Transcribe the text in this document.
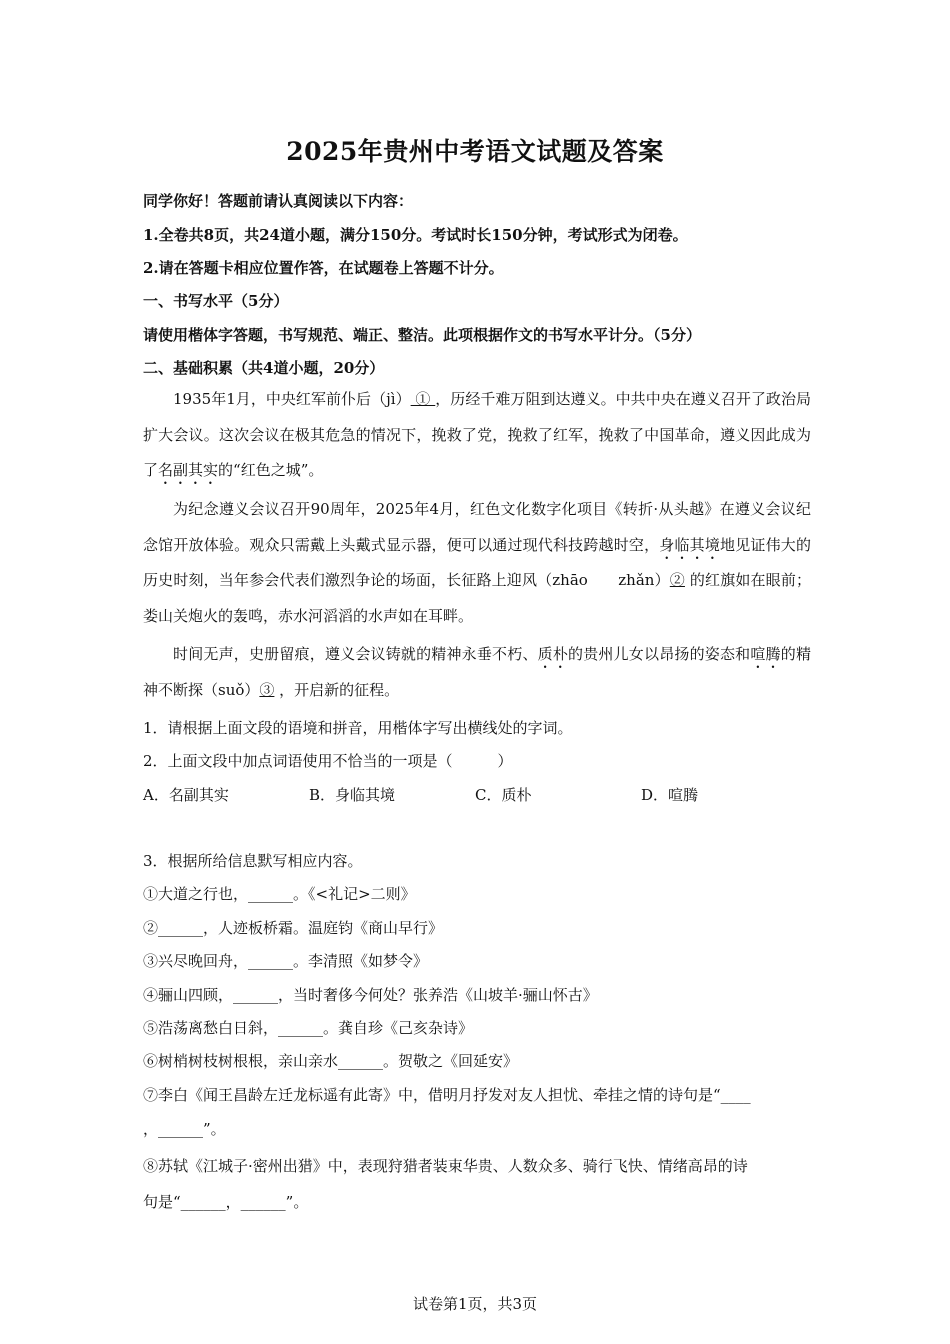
2025年贵州中考语文试题及答案
同学你好！答题前请认真阅读以下内容：
1.全卷共8页，共24道小题，满分150分。考试时长150分钟，考试形式为闭卷。
2.请在答题卡相应位置作答，在试题卷上答题不计分。
一、书写水平（5分）
请使用楷体字答题，书写规范、端正、整洁。此项根据作文的书写水平计分。（5分）
二、基础积累（共4道小题，20分）
1935年1月，中央红军前仆后（jì） ① ，历经千难万阻到达遵义。中共中央在遵义召开了政治局扩大会议。这次会议在极其危急的情况下，挽救了党，挽救了红军，挽救了中国革命，遵义因此成为了名副其实的“红色之城”。
为纪念遵义会议召开90周年，2025年4月，红色文化数字化项目《转折·从头越》在遵义会议纪念馆开放体验。观众只需戴上头戴式显示器，便可以通过现代科技跨越时空，身临其境地见证伟大的历史时刻，当年参会代表们激烈争论的场面，长征路上迎风（zhāo　　zhǎn）② 的红旗如在眼前；娄山关炮火的轰鸣，赤水河滔滔的水声如在耳畔。
时间无声，史册留痕，遵义会议铸就的精神永垂不朽、质朴的贵州儿女以昂扬的姿态和喧腾的精神不断探（suǒ）③ ，开启新的征程。
1．请根据上面文段的语境和拼音，用楷体字写出横线处的字词。
2．上面文段中加点词语使用不恰当的一项是（　　　）
A．名副其实	B．身临其境	C．质朴	D．喧腾
3．根据所给信息默写相应内容。
①大道之行也，______。《<礼记>二则》
②______，人迹板桥霜。温庭钧《商山早行》
③兴尽晚回舟，______。李清照《如梦令》
④骊山四顾，______，当时奢侈今何处？张养浩《山坡羊·骊山怀古》
⑤浩荡离愁白日斜，______。龚自珍《己亥杂诗》
⑥树梢树枝树根根，亲山亲水______。贺敬之《回延安》
⑦李白《闻王昌龄左迁龙标遥有此寄》中，借明月抒发对友人担忧、牵挂之情的诗句是“____
，______”。
⑧苏轼《江城子·密州出猎》中，表现狩猎者装束华贵、人数众多、骑行飞快、情绪高昂的诗
句是“______，______”。
试卷第1页，共3页
